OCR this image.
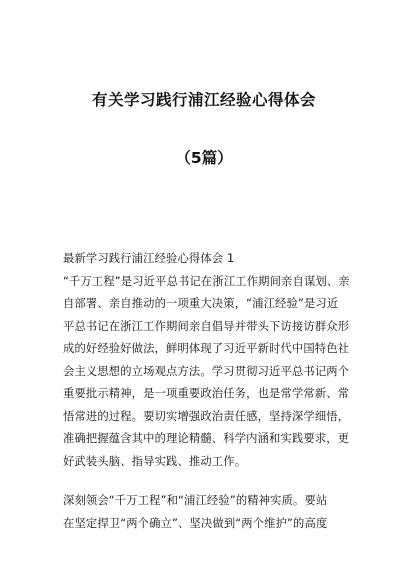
有关学习践行浦江经验心得体会
（5篇）
最新学习践行浦江经验心得体会 1
“千万工程”是习近平总书记在浙江工作期间亲自谋划、亲
自部署、亲自推动的一项重大决策，“浦江经验”是习近
平总书记在浙江工作期间亲自倡导并带头下访接访群众形
成的好经验好做法，鲜明体现了习近平新时代中国特色社
会主义思想的立场观点方法。学习贯彻习近平总书记两个
重要批示精神，是一项重要政治任务，也是常学常新、常
悟常进的过程。要切实增强政治责任感，坚持深学细悟，
准确把握蕴含其中的理论精髓、科学内涵和实践要求，更
好武装头脑、指导实践、推动工作。
深刻领会“千万工程”和“浦江经验”的精神实质。要站
在坚定捍卫“两个确立”、坚决做到“两个维护”的高度
